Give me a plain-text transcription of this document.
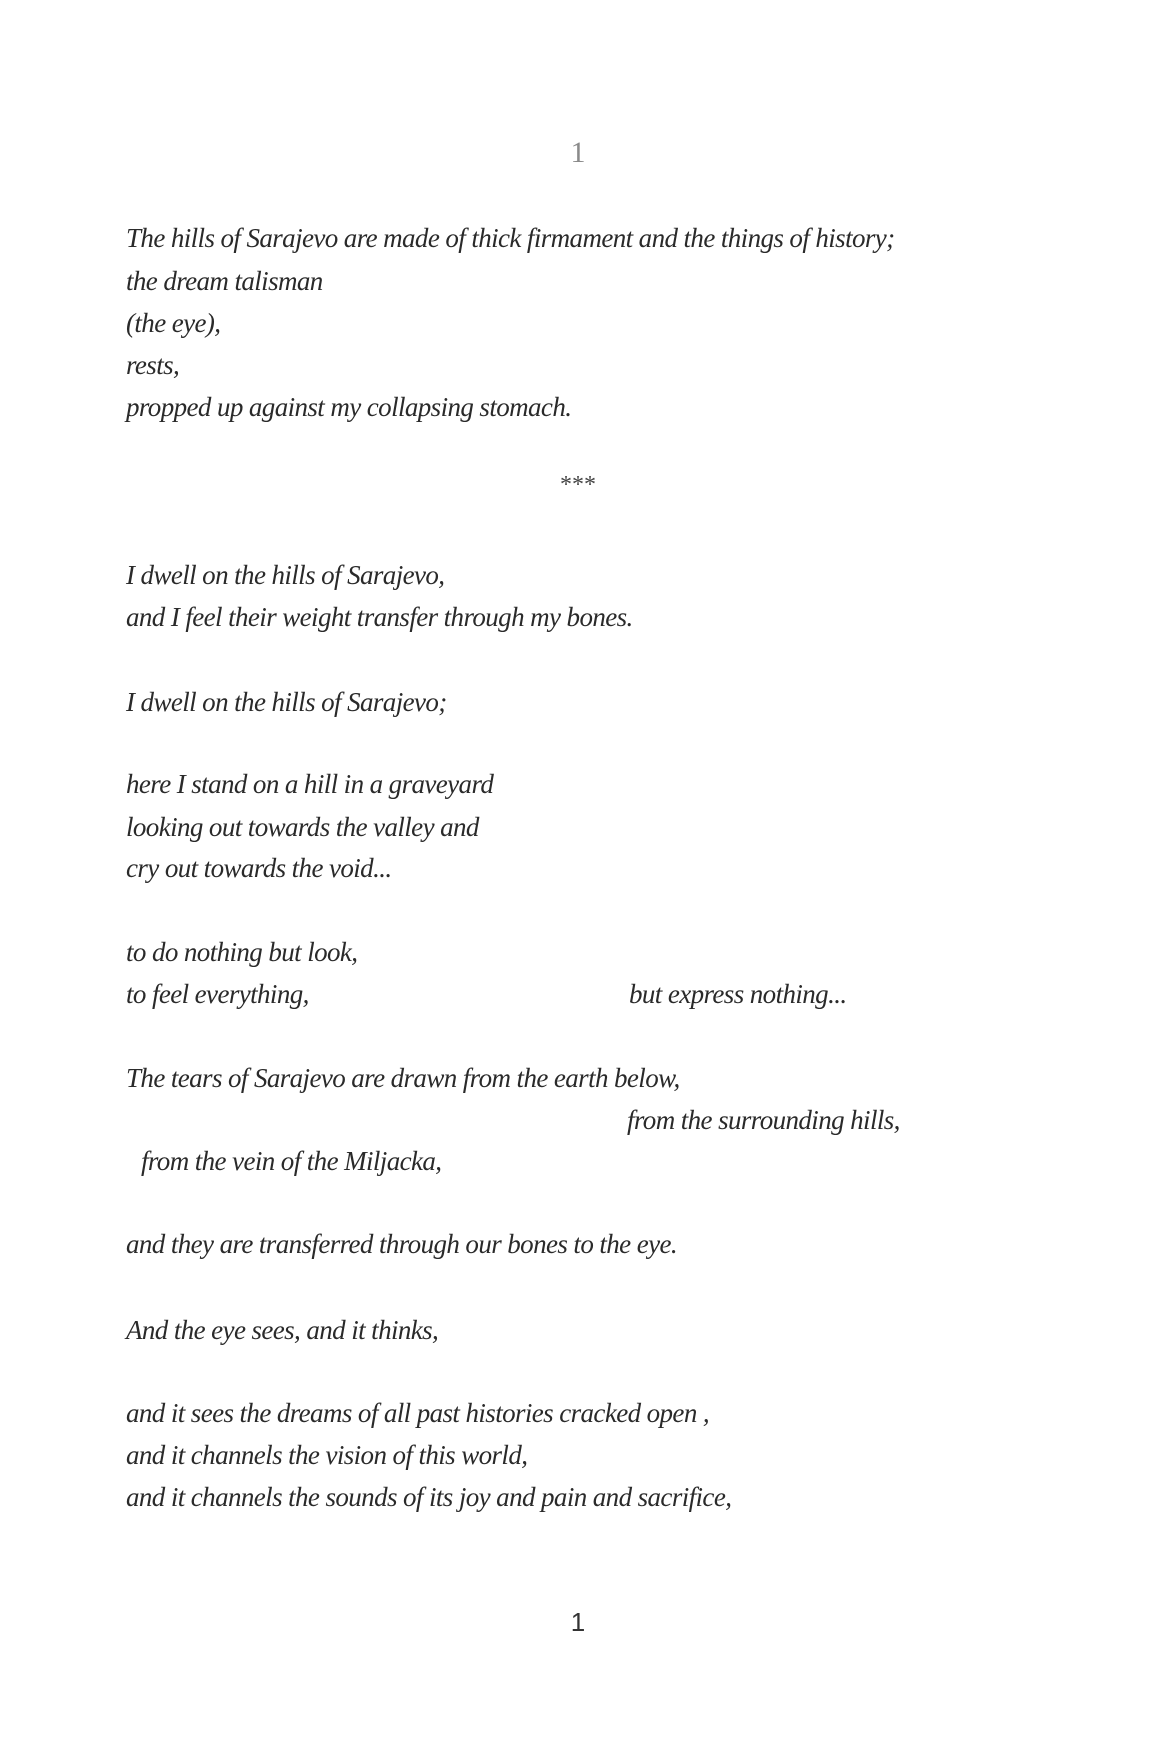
1
The hills of Sarajevo are made of thick firmament and the things of history;
the dream talisman
(the eye),
rests,
propped up against my collapsing stomach.
***
I dwell on the hills of Sarajevo,
and I feel their weight transfer through my bones.
I dwell on the hills of Sarajevo;
here I stand on a hill in a graveyard
looking out towards the valley and
cry out towards the void...
to do nothing but look,
to feel everything,	but express nothing...
The tears of Sarajevo are drawn from the earth below,
from the surrounding hills,
from the vein of the Miljacka,
and they are transferred through our bones to the eye.
And the eye sees, and it thinks,
and it sees the dreams of all past histories cracked open ,
and it channels the vision of this world,
and it channels the sounds of its joy and pain and sacrifice,
1
